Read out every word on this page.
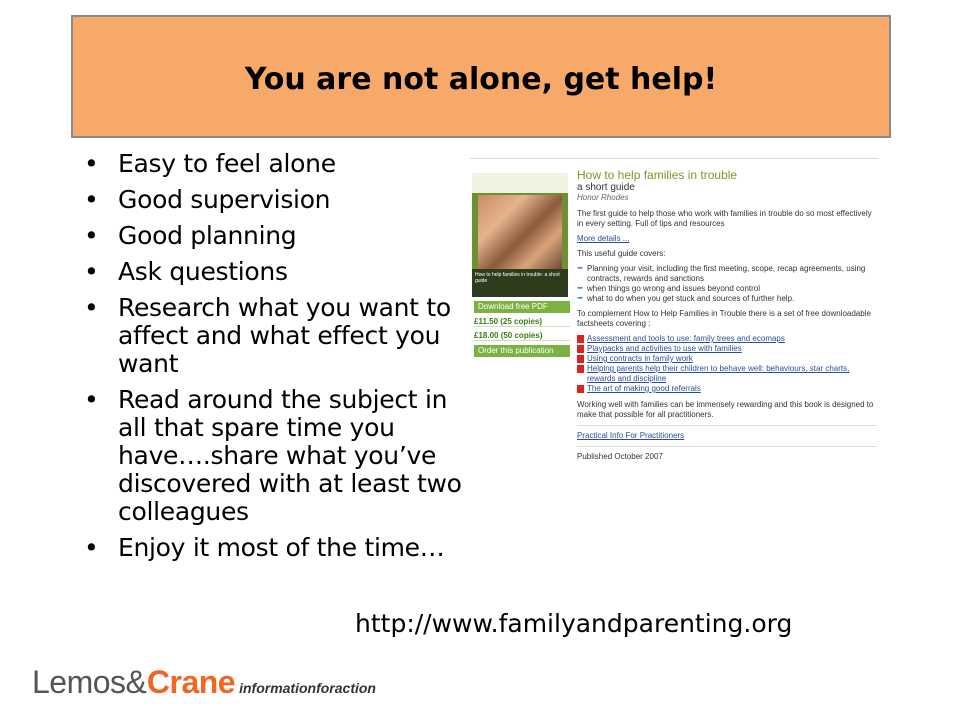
You are not alone, get help!
• Easy to feel alone
• Good supervision
• Good planning
• Ask questions
• Research what you want to affect and what effect you want
• Read around the subject in all that spare time you have….share what you’ve discovered with at least two colleagues
• Enjoy it most of the time…
How to help families in trouble: a short guide
Download free PDF
£11.50 (25 copies)
£18.00 (50 copies)
Order this publication
How to help families in trouble
a short guide
Honor Rhodes

The first guide to help those who work with families in trouble do so most effectively in every setting. Full of tips and resources

More details ...

This useful guide covers:

➡ Planning your visit, including the first meeting, scope, recap agreements, using contracts, rewards and sanctions
➡ when things go wrong and issues beyond control
➡ what to do when you get stuck and sources of further help.

To complement How to Help Families in Trouble there is a set of free downloadable factsheets covering :

Assessment and tools to use: family trees and ecomaps
Playpacks and activities to use with families
Using contracts in family work
Helping parents help their children to behave well: behaviours, star charts, rewards and discipline
The art of making good referrals

Working well with families can be immensely rewarding and this book is designed to make that possible for all practitioners.

Practical Info For Practitioners

Published October 2007

http://www.familyandparenting.org
Lemos & Crane informationforaction
